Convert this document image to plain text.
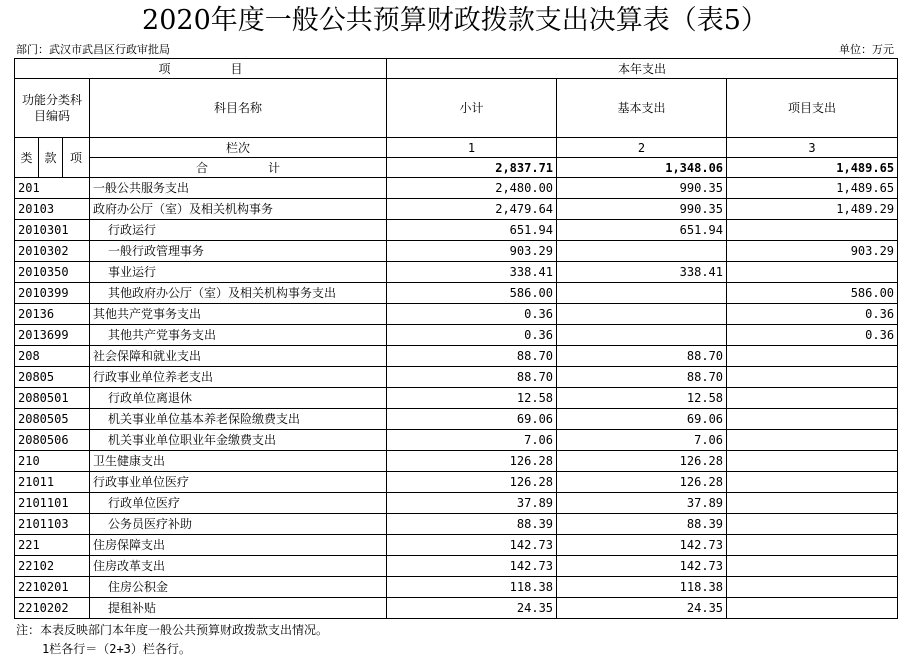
2020年度一般公共预算财政拨款支出决算表（表5）
部门：武汉市武昌区行政审批局	单位：万元
项　　　　　目				本年支出		
功能分类科目编码			科目名称	小计	基本支出	项目支出
类	款	项	栏次	1	2	3
			合　　　　　计	2,837.71	1,348.06	1,489.65
201			一般公共服务支出	2,480.00	990.35	1,489.65
20103			政府办公厅（室）及相关机构事务	2,479.64	990.35	1,489.29
2010301			行政运行	651.94	651.94	
2010302			一般行政管理事务	903.29		903.29
2010350			事业运行	338.41	338.41	
2010399			其他政府办公厅（室）及相关机构事务支出	586.00		586.00
20136			其他共产党事务支出	0.36		0.36
2013699			其他共产党事务支出	0.36		0.36
208			社会保障和就业支出	88.70	88.70	
20805			行政事业单位养老支出	88.70	88.70	
2080501			行政单位离退休	12.58	12.58	
2080505			机关事业单位基本养老保险缴费支出	69.06	69.06	
2080506			机关事业单位职业年金缴费支出	7.06	7.06	
210			卫生健康支出	126.28	126.28	
21011			行政事业单位医疗	126.28	126.28	
2101101			行政单位医疗	37.89	37.89	
2101103			公务员医疗补助	88.39	88.39	
221			住房保障支出	142.73	142.73	
22102			住房改革支出	142.73	142.73	
2210201			住房公积金	118.38	118.38	
2210202			提租补贴	24.35	24.35	
注：本表反映部门本年度一般公共预算财政拨款支出情况。
1栏各行＝（2+3）栏各行。
